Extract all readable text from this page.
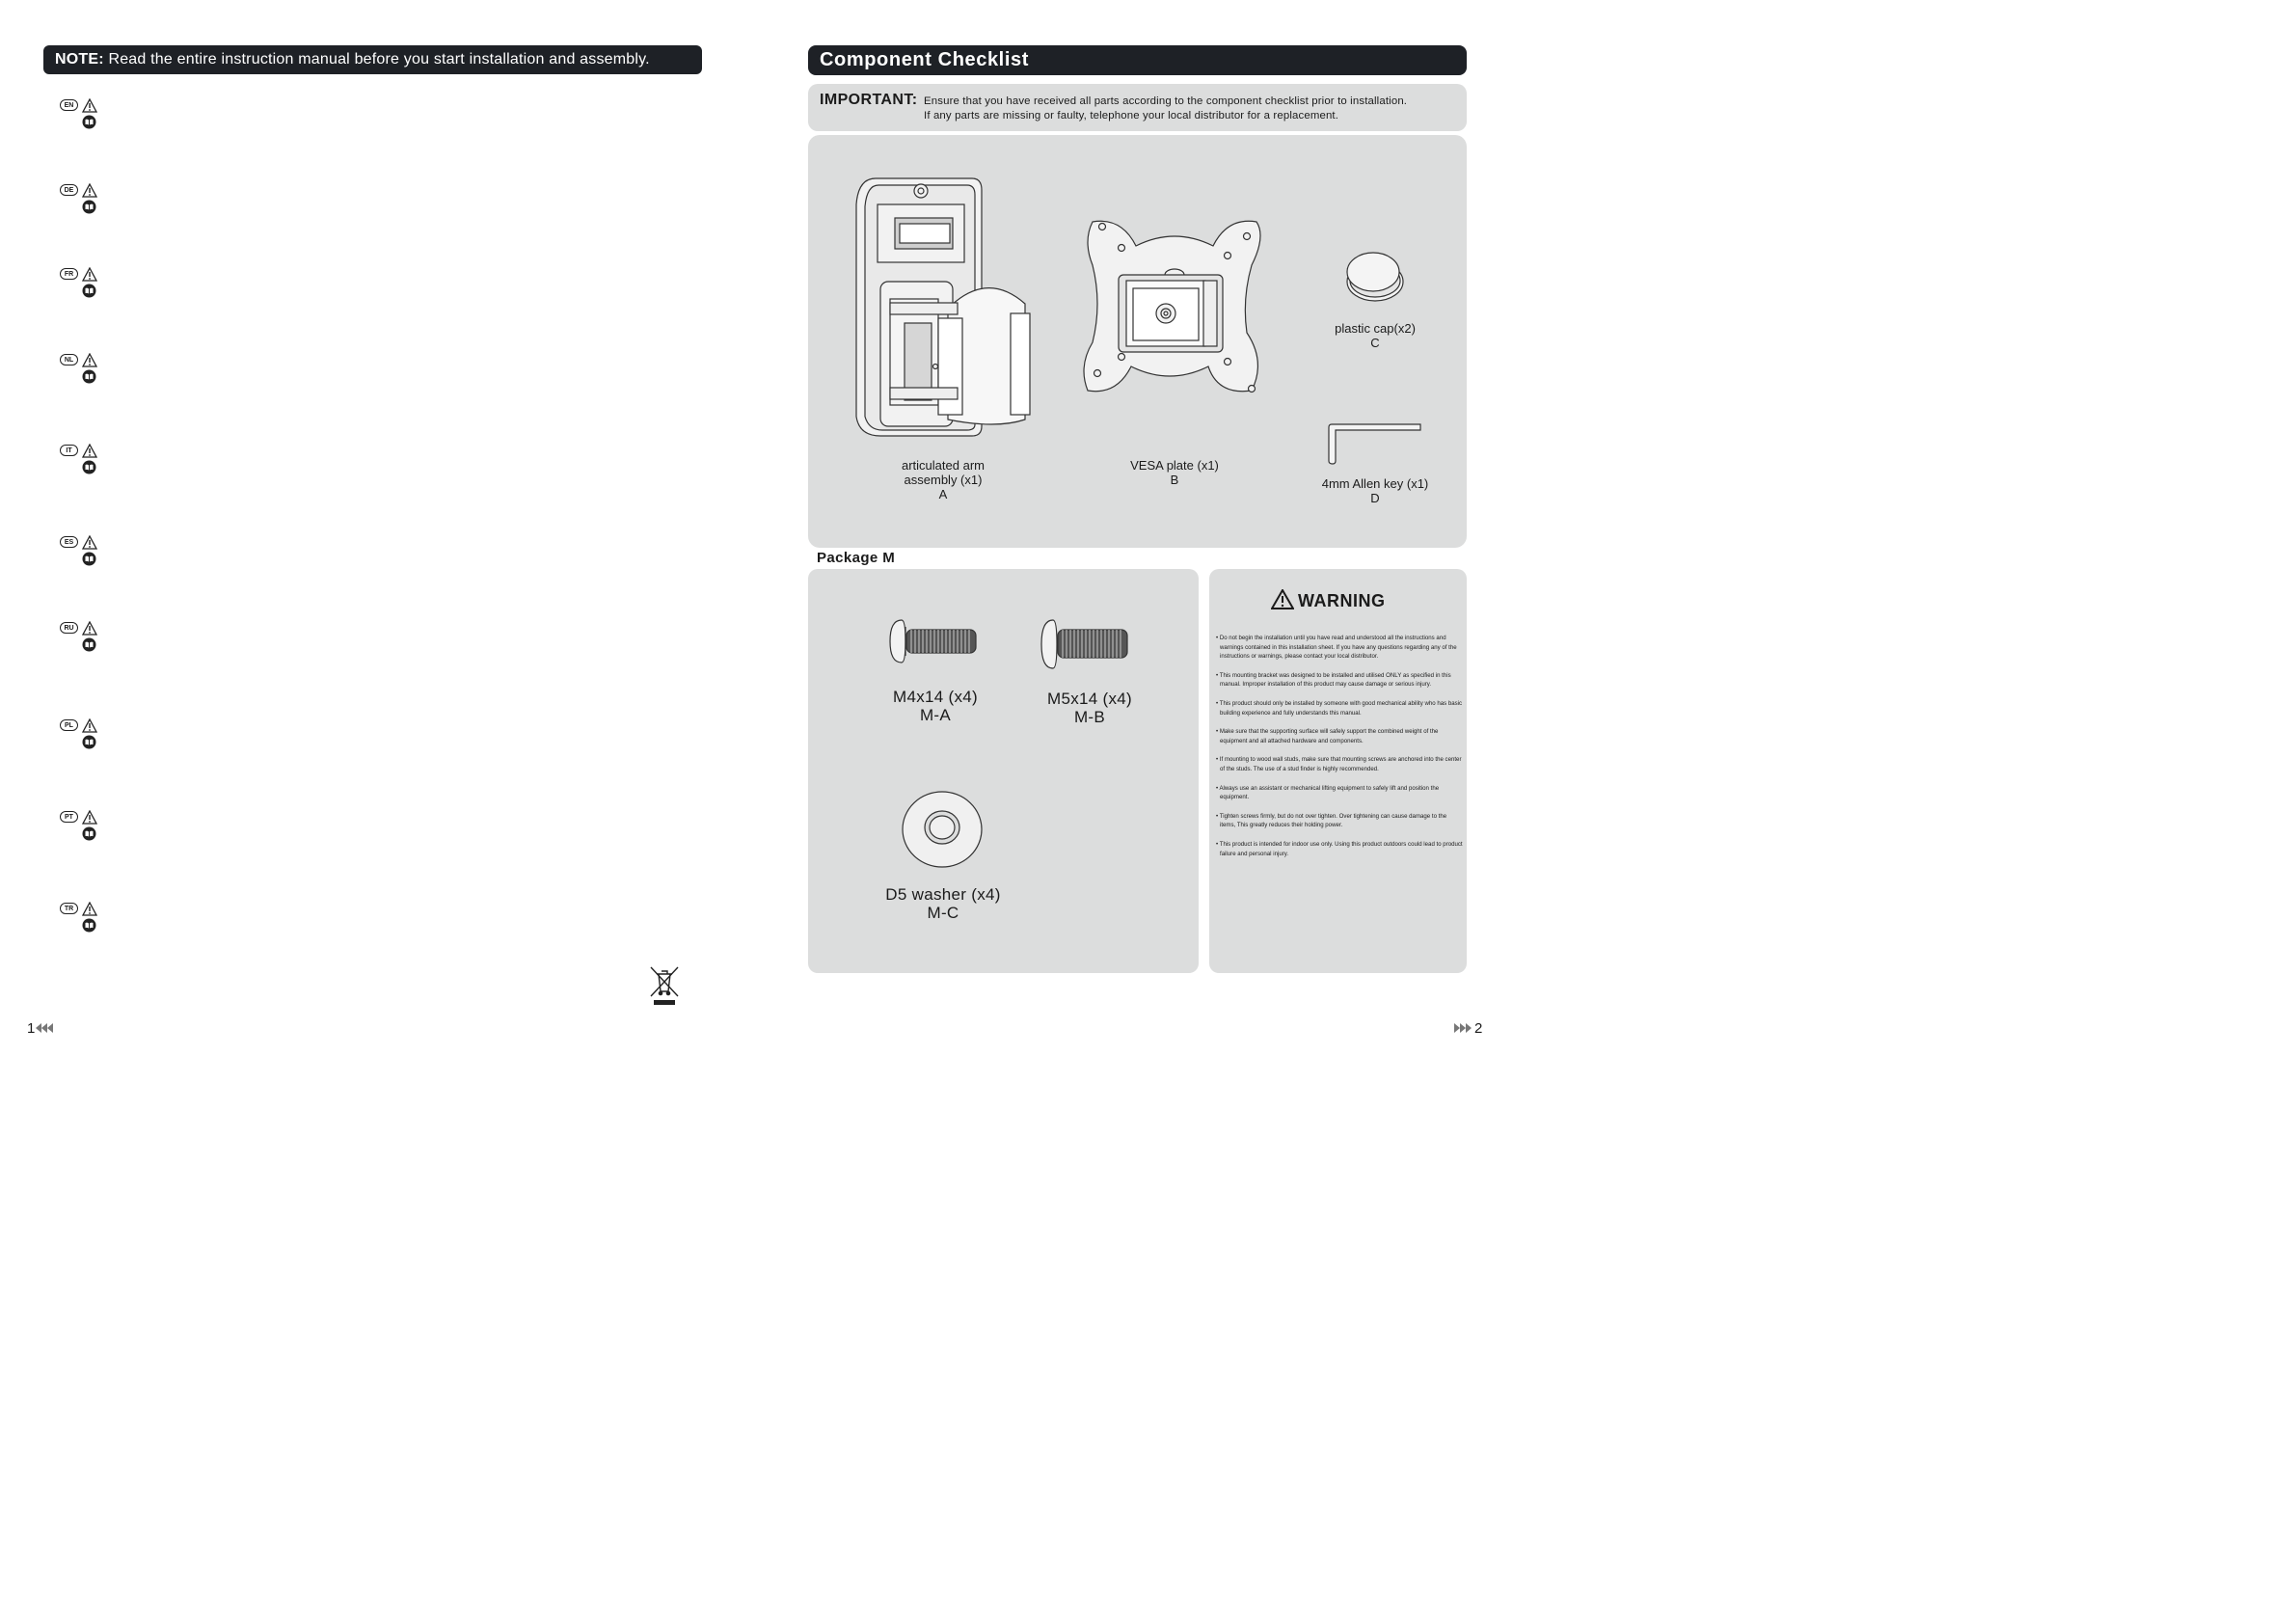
NOTE: Read the entire instruction manual before you start installation and assembly.
EN
DE
FR
NL
IT
ES
RU
PL
PT
TR
1
Component Checklist
IMPORTANT: Ensure that you have received all parts according to the component checklist prior to installation.
If any parts are missing or faulty, telephone your local distributor for a replacement.
articulated arm
assembly (x1)
A
VESA plate (x1)
B
plastic cap(x2)
C
4mm Allen key (x1)
D
Package M
M4x14 (x4)
M-A
M5x14 (x4)
M-B
D5 washer (x4)
M-C
WARNING
• Do not begin the installation until you have read and understood all the instructions and warnings contained in this installation sheet. If you have any questions regarding any of the instructions or warnings, please contact your local distributor.
• This mounting bracket was designed to be installed and utilised ONLY as specified in this manual. Improper installation of this product may cause damage or serious injury.
• This product should only be installed by someone with good mechanical ability who has basic building experience and fully understands this manual.
• Make sure that the supporting surface will safely support the combined weight of the equipment and all attached hardware and components.
• If mounting to wood wall studs, make sure that mounting screws are anchored into the center of the studs. The use of a stud finder is highly recommended.
• Always use an assistant or mechanical lifting equipment to safely lift and position the equipment.
• Tighten screws firmly, but do not over tighten. Over tightening can cause damage to the items, This greatly reduces their holding power.
• This product is intended for indoor use only. Using this product outdoors could lead to product failure and personal injury.
2
